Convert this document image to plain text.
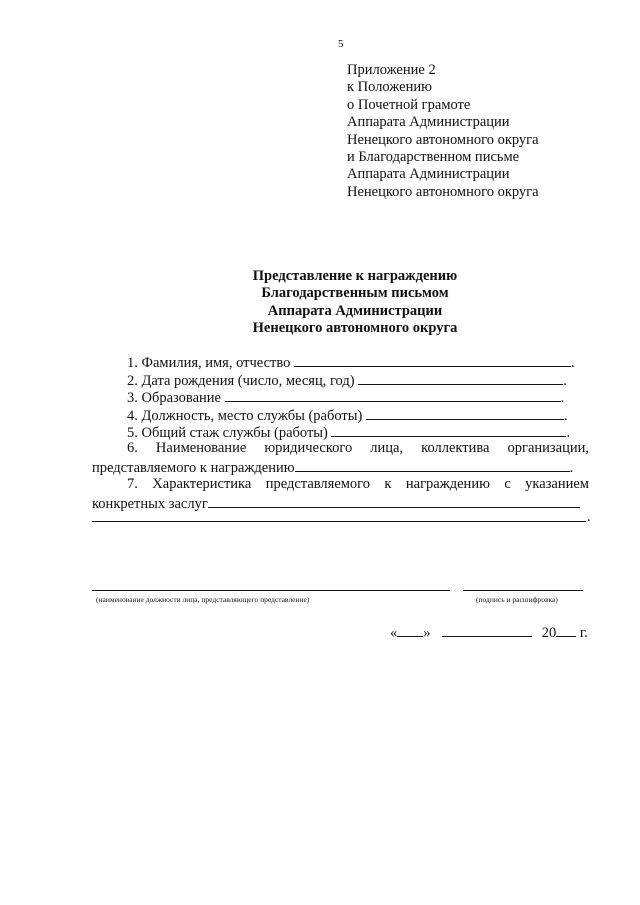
5
Приложение 2
к Положению
о Почетной грамоте
Аппарата Администрации
Ненецкого автономного округа
и Благодарственном письме
Аппарата Администрации
Ненецкого автономного округа
Представление к награждению
Благодарственным письмом
Аппарата Администрации
Ненецкого автономного округа
1. Фамилия, имя, отчество	.
2. Дата рождения (число, месяц, год)	.
3. Образование	.
4. Должность, место службы (работы)	.
5. Общий стаж службы (работы)	.
6. Наименование юридического лица, коллектива организации,
представляемого к награждению	.
7. Характеристика представляемого к награждению с указанием
конкретных заслуг
.
(наименование должности лица, представляющего представление)	(подпись и расшифровка)
« »	20 г.
